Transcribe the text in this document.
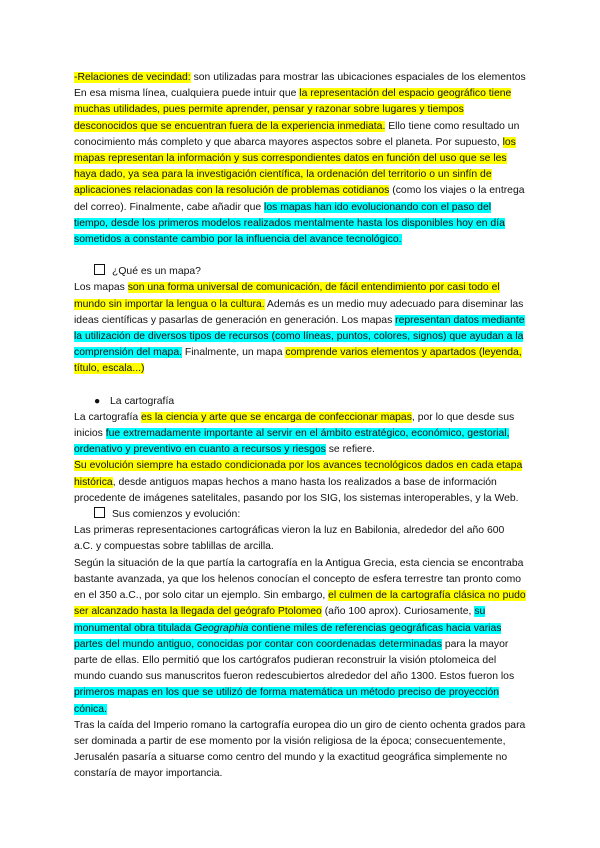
-Relaciones de vecindad: son utilizadas para mostrar las ubicaciones espaciales de los elementos

En esa misma línea, cualquiera puede intuir que la representación del espacio geográfico tiene muchas utilidades, pues permite aprender, pensar y razonar sobre lugares y tiempos desconocidos que se encuentran fuera de la experiencia inmediata. Ello tiene como resultado un conocimiento más completo y que abarca mayores aspectos sobre el planeta. Por supuesto, los mapas representan la información y sus correspondientes datos en función del uso que se les haya dado, ya sea para la investigación científica, la ordenación del territorio o un sinfín de aplicaciones relacionadas con la resolución de problemas cotidianos (como los viajes o la entrega del correo). Finalmente, cabe añadir que los mapas han ido evolucionando con el paso del tiempo, desde los primeros modelos realizados mentalmente hasta los disponibles hoy en día sometidos a constante cambio por la influencia del avance tecnológico.

¿Qué es un mapa?

Los mapas son una forma universal de comunicación, de fácil entendimiento por casi todo el mundo sin importar la lengua o la cultura. Además es un medio muy adecuado para diseminar las ideas científicas y pasarlas de generación en generación. Los mapas representan datos mediante la utilización de diversos tipos de recursos (como líneas, puntos, colores, signos) que ayudan a la comprensión del mapa. Finalmente, un mapa comprende varios elementos y apartados (leyenda, título, escala...)

● La cartografía

La cartografía es la ciencia y arte que se encarga de confeccionar mapas, por lo que desde sus inicios fue extremadamente importante al servir en el ámbito estratégico, económico, gestorial, ordenativo y preventivo en cuanto a recursos y riesgos se refiere.

Su evolución siempre ha estado condicionada por los avances tecnológicos dados en cada etapa histórica, desde antiguos mapas hechos a mano hasta los realizados a base de información procedente de imágenes satelitales, pasando por los SIG, los sistemas interoperables, y la Web.

Sus comienzos y evolución:

Las primeras representaciones cartográficas vieron la luz en Babilonia, alrededor del año 600 a.C. y compuestas sobre tablillas de arcilla.

Según la situación de la que partía la cartografía en la Antigua Grecia, esta ciencia se encontraba bastante avanzada, ya que los helenos conocían el concepto de esfera terrestre tan pronto como en el 350 a.C., por solo citar un ejemplo. Sin embargo, el culmen de la cartografía clásica no pudo ser alcanzado hasta la llegada del geógrafo Ptolomeo (año 100 aprox). Curiosamente, su monumental obra titulada Geographia contiene miles de referencias geográficas hacia varias partes del mundo antiguo, conocidas por contar con coordenadas determinadas para la mayor parte de ellas. Ello permitió que los cartógrafos pudieran reconstruir la visión ptolomeica del mundo cuando sus manuscritos fueron redescubiertos alrededor del año 1300. Estos fueron los primeros mapas en los que se utilizó de forma matemática un método preciso de proyección cónica.

Tras la caída del Imperio romano la cartografía europea dio un giro de ciento ochenta grados para ser dominada a partir de ese momento por la visión religiosa de la época; consecuentemente, Jerusalén pasaría a situarse como centro del mundo y la exactitud geográfica simplemente no constaría de mayor importancia.
